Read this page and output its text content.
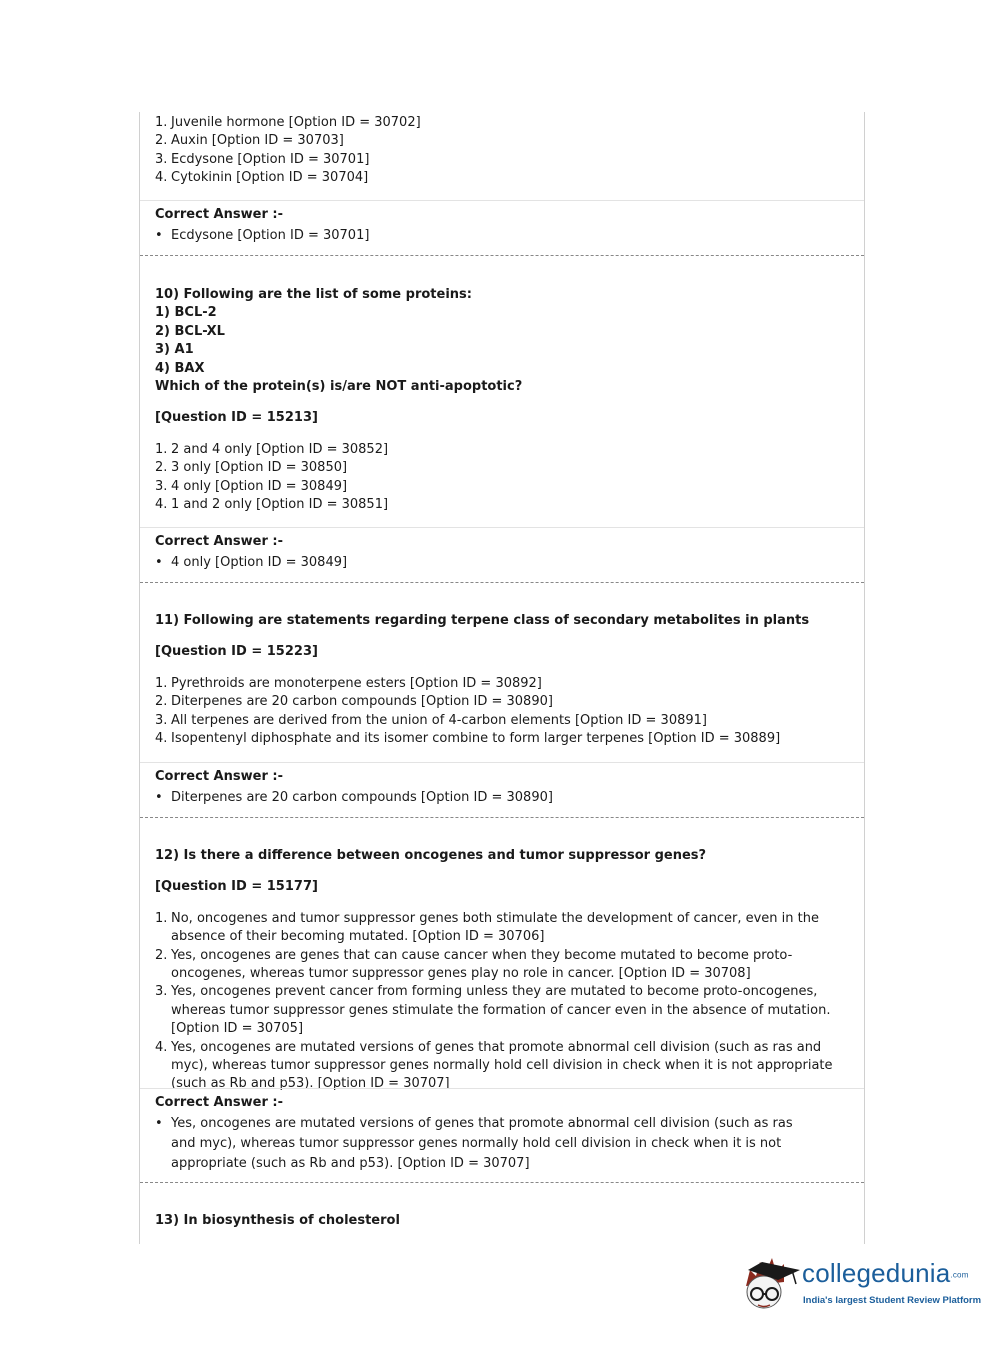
1. Juvenile hormone [Option ID = 30702]
2. Auxin [Option ID = 30703]
3. Ecdysone [Option ID = 30701]
4. Cytokinin [Option ID = 30704]
Correct Answer :-
• Ecdysone [Option ID = 30701]
10) Following are the list of some proteins:
1) BCL-2
2) BCL-XL
3) A1
4) BAX
Which of the protein(s) is/are NOT anti-apoptotic?
[Question ID = 15213]
1. 2 and 4 only [Option ID = 30852]
2. 3 only [Option ID = 30850]
3. 4 only [Option ID = 30849]
4. 1 and 2 only [Option ID = 30851]
Correct Answer :-
• 4 only [Option ID = 30849]
11) Following are statements regarding terpene class of secondary metabolites in plants
[Question ID = 15223]
1. Pyrethroids are monoterpene esters [Option ID = 30892]
2. Diterpenes are 20 carbon compounds [Option ID = 30890]
3. All terpenes are derived from the union of 4-carbon elements [Option ID = 30891]
4. Isopentenyl diphosphate and its isomer combine to form larger terpenes [Option ID = 30889]
Correct Answer :-
• Diterpenes are 20 carbon compounds [Option ID = 30890]
12) Is there a difference between oncogenes and tumor suppressor genes?
[Question ID = 15177]
1. No, oncogenes and tumor suppressor genes both stimulate the development of cancer, even in the absence of their becoming mutated. [Option ID = 30706]
2. Yes, oncogenes are genes that can cause cancer when they become mutated to become proto-oncogenes, whereas tumor suppressor genes play no role in cancer. [Option ID = 30708]
3. Yes, oncogenes prevent cancer from forming unless they are mutated to become proto-oncogenes, whereas tumor suppressor genes stimulate the formation of cancer even in the absence of mutation. [Option ID = 30705]
4. Yes, oncogenes are mutated versions of genes that promote abnormal cell division (such as ras and myc), whereas tumor suppressor genes normally hold cell division in check when it is not appropriate (such as Rb and p53). [Option ID = 30707]
Correct Answer :-
• Yes, oncogenes are mutated versions of genes that promote abnormal cell division (such as ras and myc), whereas tumor suppressor genes normally hold cell division in check when it is not appropriate (such as Rb and p53). [Option ID = 30707]
13) In biosynthesis of cholesterol
collegedunia.com
India's largest Student Review Platform
